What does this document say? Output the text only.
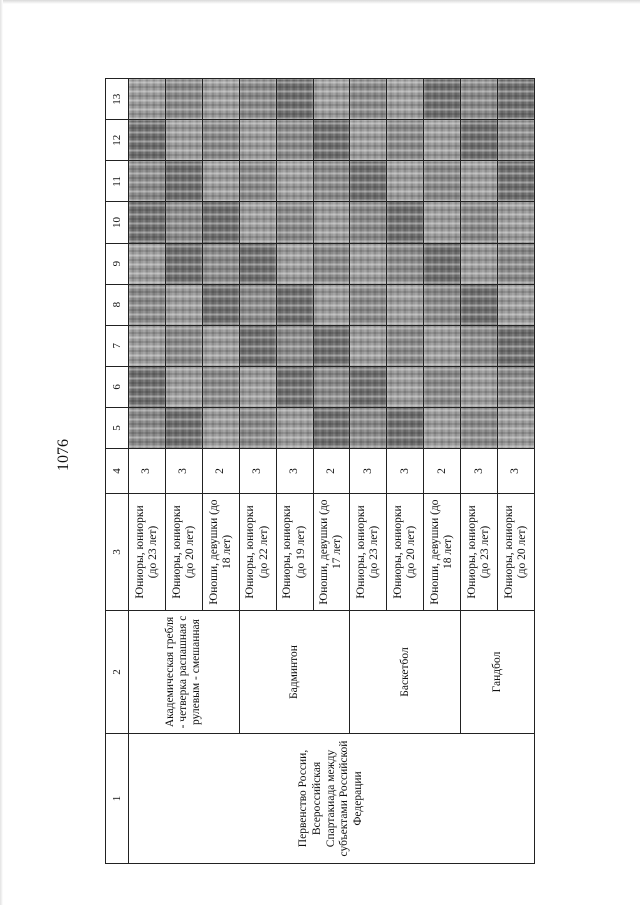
1076
1	2	3	4	5	6	7	8	9	10	11	12	13
Первенство России, Всероссийская Спартакиада между субъектами Российской Федерации	Академическая гребля - четверка распашная с рулевым - смешанная	Юниоры, юниорки (до 23 лет)	3									
		Юниоры, юниорки (до 20 лет)	3									
		Юноши, девушки (до 18 лет)	2									
	Бадминтон	Юниоры, юниорки (до 22 лет)	3									
		Юниоры, юниорки (до 19 лет)	3									
		Юноши, девушки (до 17 лет)	2									
	Баскетбол	Юниоры, юниорки (до 23 лет)	3									
		Юниоры, юниорки (до 20 лет)	3									
		Юноши, девушки (до 18 лет)	2									
	Гандбол	Юниоры, юниорки (до 23 лет)	3									
		Юниоры, юниорки (до 20 лет)	3									
